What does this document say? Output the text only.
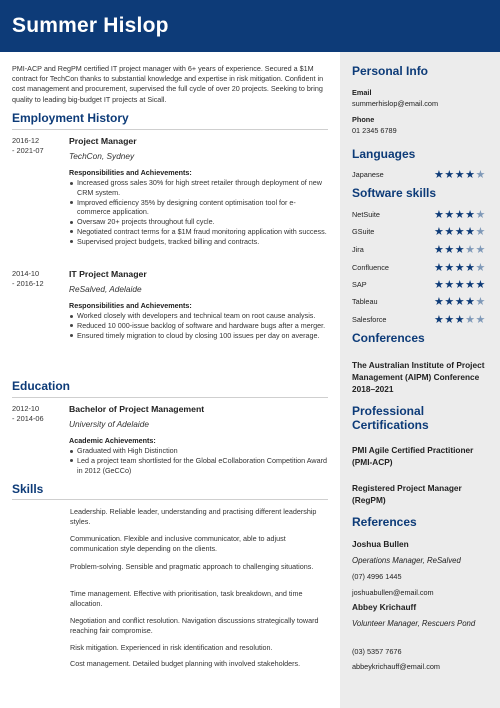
Summer Hislop

PMI-ACP and RegPM certified IT project manager with 6+ years of experience. Secured a $1M contract for TechCon thanks to substantial knowledge and expertise in risk mitigation. Confident in cost management and procurement, supervised the full cycle of over 20 projects. Seeking to bring quality to leading big-budget IT projects at Sicall.

Employment History
2016-12
- 2021-07
Project Manager
TechCon, Sydney
Responsibilities and Achievements:
Increased gross sales 30% for high street retailer through deployment of new CRM system.
Improved efficiency 35% by designing content optimisation tool for e-commerce application.
Oversaw 20+ projects throughout full cycle.
Negotiated contract terms for a $1M fraud monitoring application with success.
Supervised project budgets, tracked billing and contracts.
2014-10
- 2016-12
IT Project Manager
ReSalved, Adelaide
Responsibilities and Achievements:
Worked closely with developers and technical team on root cause analysis.
Reduced 10 000-issue backlog of software and hardware bugs after a merger.
Ensured timely migration to cloud by closing 100 issues per day on average.
Education
2012-10
- 2014-06
Bachelor of Project Management
University of Adelaide
Academic Achievements:
Graduated with High Distinction
Led a project team shortlisted for the Global eCollaboration Competition Award in 2012 (GeCCo)
Skills
Leadership. Reliable leader, understanding and practising different leadership styles.
Communication. Flexible and inclusive communicator, able to adjust communication style depending on the clients.
Problem-solving. Sensible and pragmatic approach to challenging situations.
Time management. Effective with prioritisation, task breakdown, and time allocation.
Negotiation and conflict resolution. Navigation discussions strategically toward reaching fair compromise.
Risk mitigation. Experienced in risk identification and resolution.
Cost management. Detailed budget planning with involved stakeholders.
Personal Info
Email
summerhislop@email.com
Phone
01 2345 6789
Languages
Japanese	★★★★★
Software skills
NetSuite	★★★★★
GSuite	★★★★★
Jira	★★★★★
Confluence	★★★★★
SAP	★★★★★
Tableau	★★★★★
Salesforce	★★★★★
Conferences
The Australian Institute of Project Management (AIPM) Conference 2018–2021
Professional Certifications
PMI Agile Certified Practitioner (PMI-ACP)
Registered Project Manager (RegPM)
References
Joshua Bullen
Operations Manager, ReSalved
(07) 4996 1445
joshuabullen@email.com
Abbey Krichauff
Volunteer Manager, Rescuers Pond
(03) 5357 7676
abbeykrichauff@email.com
